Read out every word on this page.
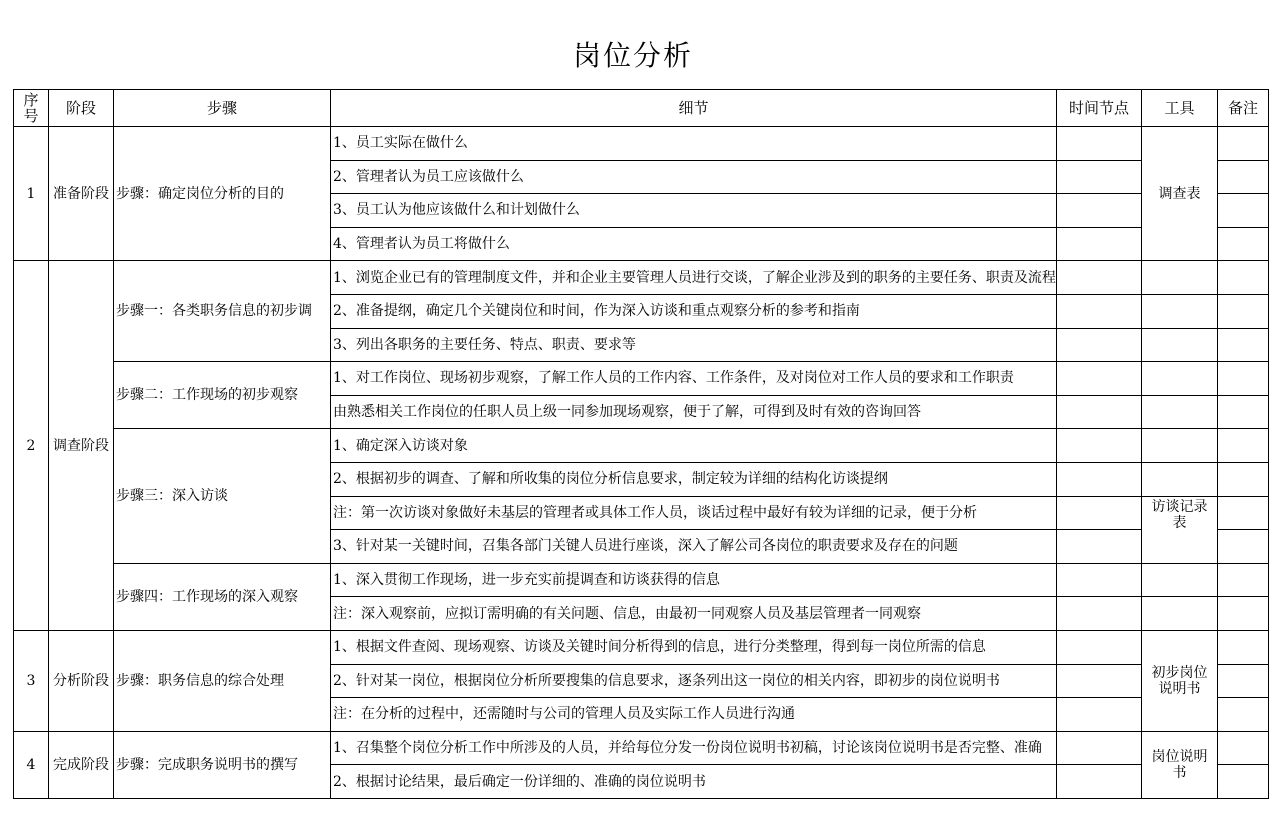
岗位分析
序号	阶段	步骤	细节	时间节点	工具	备注
1	准备阶段	步骤：确定岗位分析的目的	1、员工实际在做什么		调查表	
			2、管理者认为员工应该做什么			
			3、员工认为他应该做什么和计划做什么			
			4、管理者认为员工将做什么			
2	调查阶段	步骤一：各类职务信息的初步调	1、浏览企业已有的管理制度文件，并和企业主要管理人员进行交谈，了解企业涉及到的职务的主要任务、职责及流程			
			2、准备提纲，确定几个关键岗位和时间，作为深入访谈和重点观察分析的参考和指南			
			3、列出各职务的主要任务、特点、职责、要求等			
		步骤二：工作现场的初步观察	1、对工作岗位、现场初步观察，了解工作人员的工作内容、工作条件，及对岗位对工作人员的要求和工作职责			
			由熟悉相关工作岗位的任职人员上级一同参加现场观察，便于了解，可得到及时有效的咨询回答			
		步骤三：深入访谈	1、确定深入访谈对象			
			2、根据初步的调查、了解和所收集的岗位分析信息要求，制定较为详细的结构化访谈提纲			
			注：第一次访谈对象做好未基层的管理者或具体工作人员，谈话过程中最好有较为详细的记录，便于分析		访谈记录表	
			3、针对某一关键时间，召集各部门关键人员进行座谈，深入了解公司各岗位的职责要求及存在的问题			
		步骤四：工作现场的深入观察	1、深入贯彻工作现场，进一步充实前提调查和访谈获得的信息			
			注：深入观察前，应拟订需明确的有关问题、信息，由最初一同观察人员及基层管理者一同观察			
3	分析阶段	步骤：职务信息的综合处理	1、根据文件查阅、现场观察、访谈及关键时间分析得到的信息，进行分类整理，得到每一岗位所需的信息		初步岗位说明书	
			2、针对某一岗位，根据岗位分析所要搜集的信息要求，逐条列出这一岗位的相关内容，即初步的岗位说明书			
			注：在分析的过程中，还需随时与公司的管理人员及实际工作人员进行沟通			
4	完成阶段	步骤：完成职务说明书的撰写	1、召集整个岗位分析工作中所涉及的人员，并给每位分发一份岗位说明书初稿，讨论该岗位说明书是否完整、准确		岗位说明书	
			2、根据讨论结果，最后确定一份详细的、准确的岗位说明书			
